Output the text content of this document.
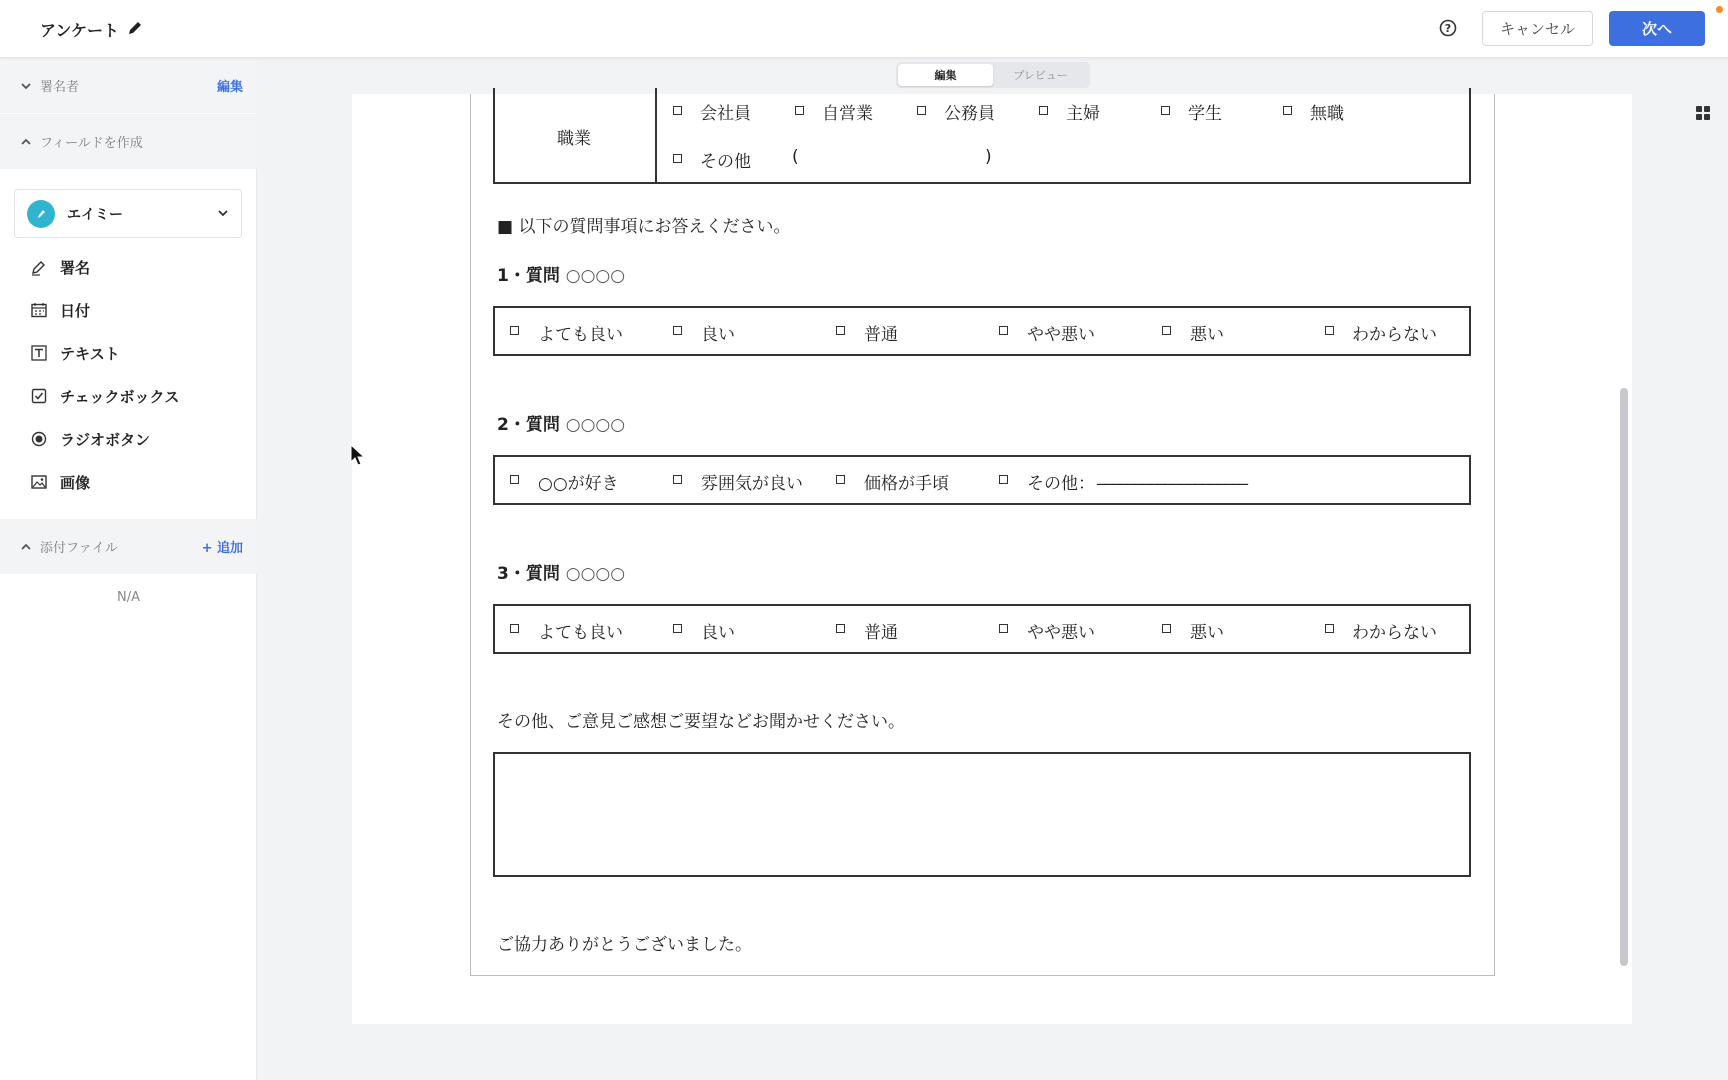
アンケート	?	キャンセル	次へ
署名者	編集
フィールドを作成
エイミー
署名
日付
テキスト
チェックボックス
ラジオボタン
画像
添付ファイル	+ 追加
N/A
編集	プレビュー
職業
会社員	自営業	公務員	主婦	学生	無職
その他 (	)
■ 以下の質問事項にお答えください。
1・質問 ○○○○
よても良い	良い	普通	やや悪い	悪い	わからない
2・質問 ○○○○
○○が好き	雰囲気が良い	価格が手頃	その他： ____________________
3・質問 ○○○○
よても良い	良い	普通	やや悪い	悪い	わからない
その他、ご意見ご感想ご要望などお聞かせください。
ご協力ありがとうございました。
